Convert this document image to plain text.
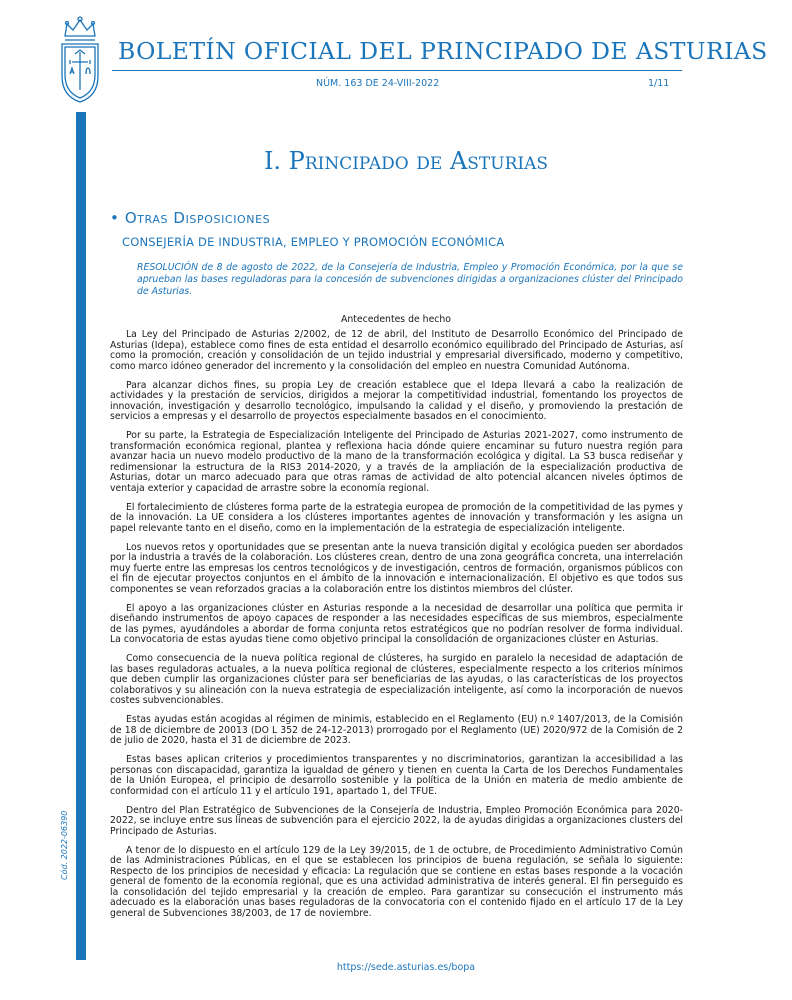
Cód. 2022-06390
BOLETÍN OFICIAL DEL PRINCIPADO DE ASTURIAS
NÚM. 163 DE 24-VIII-2022	1/11
I. Principado de Asturias
• Otras Disposiciones
CONSEJERÍA DE INDUSTRIA, EMPLEO Y PROMOCIÓN ECONÓMICA
RESOLUCIÓN de 8 de agosto de 2022, de la Consejería de Industria, Empleo y Promoción Económica, por la que se aprueban las bases reguladoras para la concesión de subvenciones dirigidas a organizaciones clúster del Principado de Asturias.
Antecedentes de hecho

La Ley del Principado de Asturias 2/2002, de 12 de abril, del Instituto de Desarrollo Económico del Principado de Asturias (Idepa), establece como fines de esta entidad el desarrollo económico equilibrado del Principado de Asturias, así como la promoción, creación y consolidación de un tejido industrial y empresarial diversificado, moderno y competitivo, como marco idóneo generador del incremento y la consolidación del empleo en nuestra Comunidad Autónoma.

Para alcanzar dichos fines, su propia Ley de creación establece que el Idepa llevará a cabo la realización de actividades y la prestación de servicios, dirigidos a mejorar la competitividad industrial, fomentando los proyectos de innovación, investigación y desarrollo tecnológico, impulsando la calidad y el diseño, y promoviendo la prestación de servicios a empresas y el desarrollo de proyectos especialmente basados en el conocimiento.

Por su parte, la Estrategia de Especialización Inteligente del Principado de Asturias 2021-2027, como instrumento de transformación económica regional, plantea y reflexiona hacia dónde quiere encaminar su futuro nuestra región para avanzar hacia un nuevo modelo productivo de la mano de la transformación ecológica y digital. La S3 busca rediseñar y redimensionar la estructura de la RIS3 2014-2020, y a través de la ampliación de la especialización productiva de Asturias, dotar un marco adecuado para que otras ramas de actividad de alto potencial alcancen niveles óptimos de ventaja exterior y capacidad de arrastre sobre la economía regional.

El fortalecimiento de clústeres forma parte de la estrategia europea de promoción de la competitividad de las pymes y de la innovación. La UE considera a los clústeres importantes agentes de innovación y transformación y les asigna un papel relevante tanto en el diseño, como en la implementación de la estrategia de especialización inteligente.

Los nuevos retos y oportunidades que se presentan ante la nueva transición digital y ecológica pueden ser abordados por la industria a través de la colaboración. Los clústeres crean, dentro de una zona geográfica concreta, una interrelación muy fuerte entre las empresas los centros tecnológicos y de investigación, centros de formación, organismos públicos con el fin de ejecutar proyectos conjuntos en el ámbito de la innovación e internacionalización. El objetivo es que todos sus componentes se vean reforzados gracias a la colaboración entre los distintos miembros del clúster.

El apoyo a las organizaciones clúster en Asturias responde a la necesidad de desarrollar una política que permita ir diseñando instrumentos de apoyo capaces de responder a las necesidades específicas de sus miembros, especialmente de las pymes, ayudándoles a abordar de forma conjunta retos estratégicos que no podrían resolver de forma individual. La convocatoria de estas ayudas tiene como objetivo principal la consolidación de organizaciones clúster en Asturias.

Como consecuencia de la nueva política regional de clústeres, ha surgido en paralelo la necesidad de adaptación de las bases reguladoras actuales, a la nueva política regional de clústeres, especialmente respecto a los criterios mínimos que deben cumplir las organizaciones clúster para ser beneficiarias de las ayudas, o las características de los proyectos colaborativos y su alineación con la nueva estrategia de especialización inteligente, así como la incorporación de nuevos costes subvencionables.

Estas ayudas están acogidas al régimen de minimis, establecido en el Reglamento (EU) n.º 1407/2013, de la Comisión de 18 de diciembre de 20013 (DO L 352 de 24-12-2013) prorrogado por el Reglamento (UE) 2020/972 de la Comisión de 2 de julio de 2020, hasta el 31 de diciembre de 2023.

Estas bases aplican criterios y procedimientos transparentes y no discriminatorios, garantizan la accesibilidad a las personas con discapacidad, garantiza la igualdad de género y tienen en cuenta la Carta de los Derechos Fundamentales de la Unión Europea, el principio de desarrollo sostenible y la política de la Unión en materia de medio ambiente de conformidad con el artículo 11 y el artículo 191, apartado 1, del TFUE.

Dentro del Plan Estratégico de Subvenciones de la Consejería de Industria, Empleo Promoción Económica para 2020-2022, se incluye entre sus líneas de subvención para el ejercicio 2022, la de ayudas dirigidas a organizaciones clusters del Principado de Asturias.

A tenor de lo dispuesto en el artículo 129 de la Ley 39/2015, de 1 de octubre, de Procedimiento Administrativo Común de las Administraciones Públicas, en el que se establecen los principios de buena regulación, se señala lo siguiente: Respecto de los principios de necesidad y eficacia: La regulación que se contiene en estas bases responde a la vocación general de fomento de la economía regional, que es una actividad administrativa de interés general. El fin perseguido es la consolidación del tejido empresarial y la creación de empleo. Para garantizar su consecución el instrumento más adecuado es la elaboración unas bases reguladoras de la convocatoria con el contenido fijado en el artículo 17 de la Ley general de Subvenciones 38/2003, de 17 de noviembre.

https://sede.asturias.es/bopa
